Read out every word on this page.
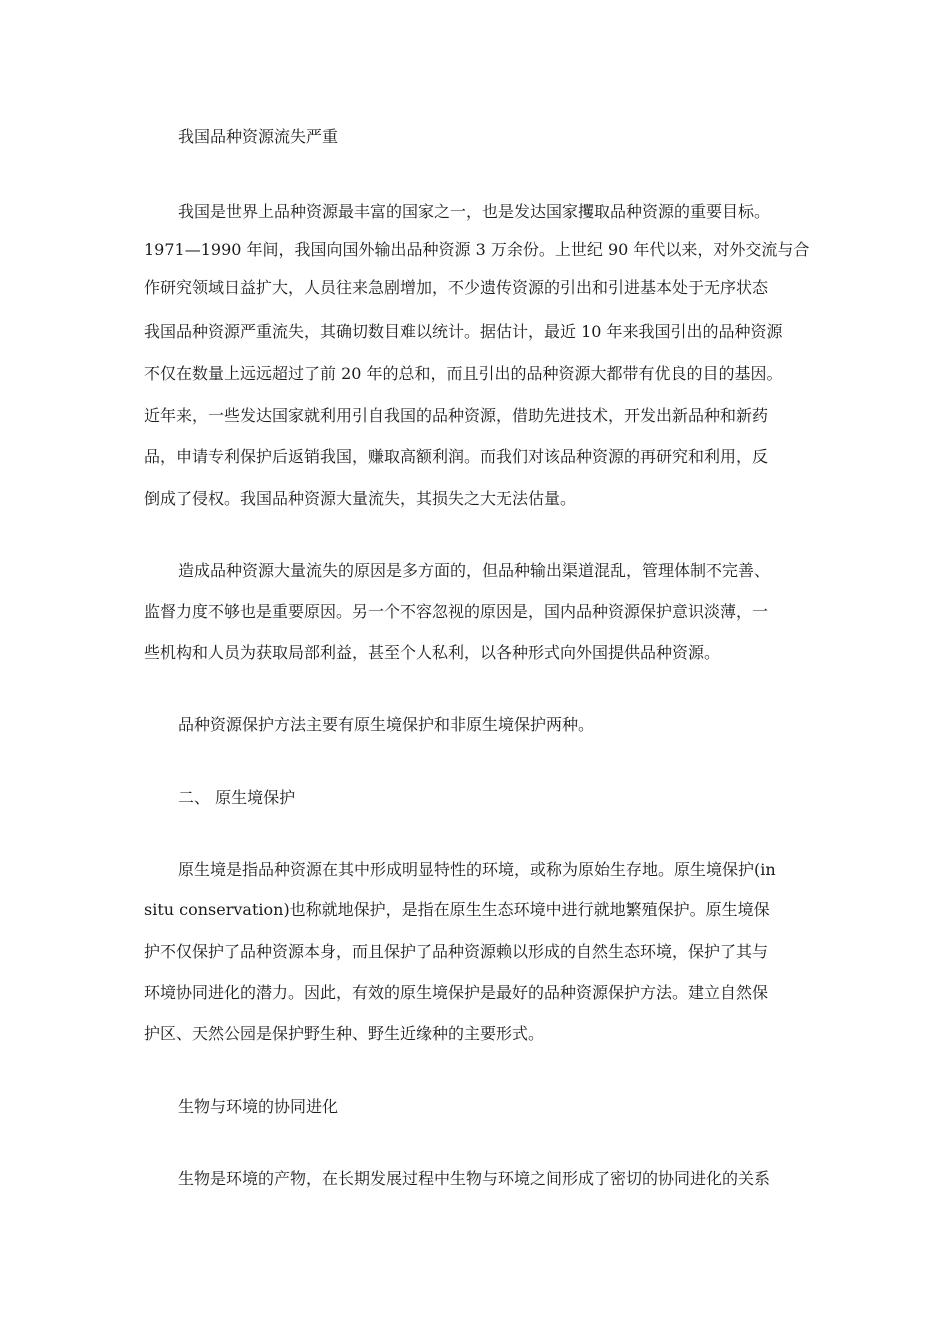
我国品种资源流失严重
我国是世界上品种资源最丰富的国家之一，也是发达国家攫取品种资源的重要目标。
1971—1990 年间，我国向国外输出品种资源 3 万余份。上世纪 90 年代以来，对外交流与合
作研究领域日益扩大，人员往来急剧增加，不少遗传资源的引出和引进基本处于无序状态
我国品种资源严重流失，其确切数目难以统计。据估计，最近 10 年来我国引出的品种资源
不仅在数量上远远超过了前 20 年的总和，而且引出的品种资源大都带有优良的目的基因。
近年来，一些发达国家就利用引自我国的品种资源，借助先进技术，开发出新品种和新药
品，申请专利保护后返销我国，赚取高额利润。而我们对该品种资源的再研究和利用，反
倒成了侵权。我国品种资源大量流失，其损失之大无法估量。
造成品种资源大量流失的原因是多方面的，但品种输出渠道混乱，管理体制不完善、
监督力度不够也是重要原因。另一个不容忽视的原因是，国内品种资源保护意识淡薄，一
些机构和人员为获取局部利益，甚至个人私利，以各种形式向外国提供品种资源。
品种资源保护方法主要有原生境保护和非原生境保护两种。
二、 原生境保护
原生境是指品种资源在其中形成明显特性的环境，或称为原始生存地。原生境保护(in
situ conservation)也称就地保护，是指在原生生态环境中进行就地繁殖保护。原生境保
护不仅保护了品种资源本身，而且保护了品种资源赖以形成的自然生态环境，保护了其与
环境协同进化的潜力。因此，有效的原生境保护是最好的品种资源保护方法。建立自然保
护区、天然公园是保护野生种、野生近缘种的主要形式。
生物与环境的协同进化
生物是环境的产物，在长期发展过程中生物与环境之间形成了密切的协同进化的关系
